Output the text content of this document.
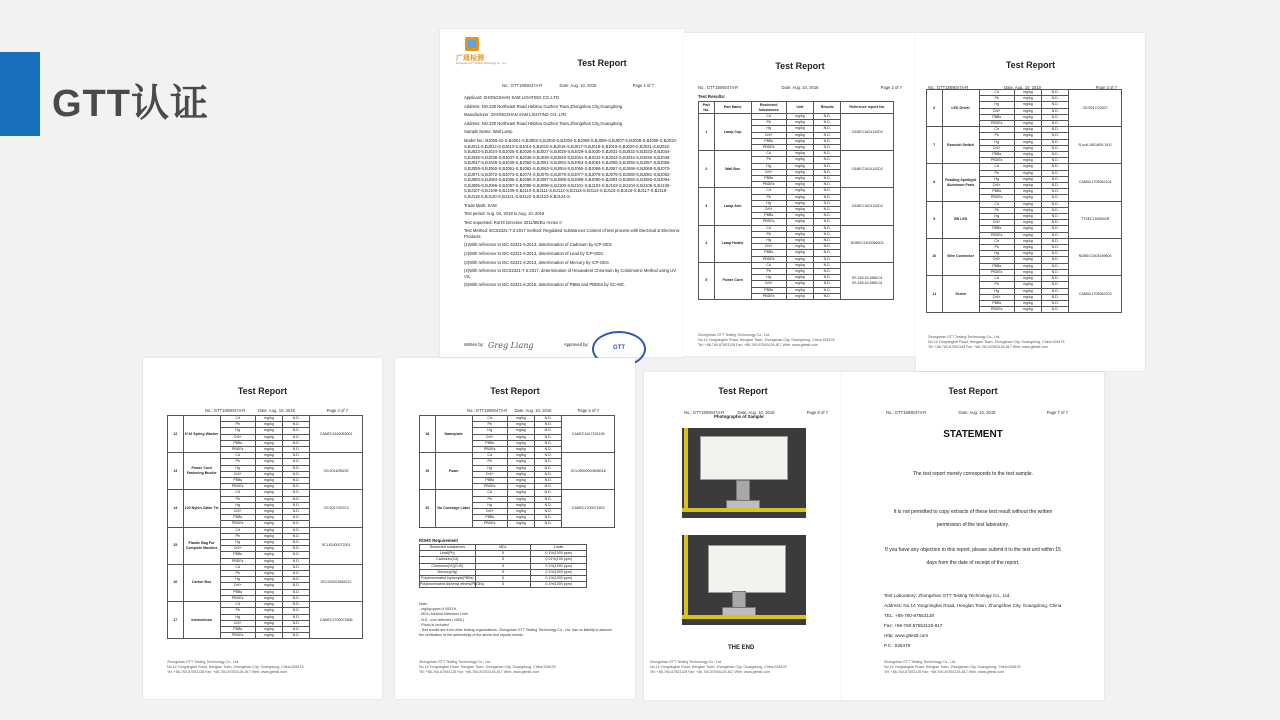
GTT认证
广通检测
Zhongshan GTT Testing Technology Co., Ltd.	Test Report
No.: GTT18080474-R	Date: Aug. 10, 2018	Page 1 of 7

Applicant: ZHONGSHAN SAM LIGHTING CO.,LTD

Address: NO.330 Northeast Road Hebitou Guzhen Town,Zhongshan City,Guangdong

Manufacturer: ZHONGSHAN SAM LIGHTING CO.,LTD

Address: NO.330 Northeast Road Hebitou Guzhen Town,Zhongshan City,Guangdong

Sample Name: Wall Lamp

Model No.: BJ006-22-S,BJ001-S,BJ002-S,BJ003-S,BJ004-S,BJ005-S,BJ006-S,BJ007-S,BJ008-S,BJ009-S,BJ010-S,BJ011-S,BJ012-S,BJ013-S,BJ014-S,BJ015-S,BJ016-S,BJ017-S,BJ018-S,BJ019-S,BJ020-S,BJ021-S,BJ022-S,BJ023-S,BJ024-S,BJ025-S,BJ026-S,BJ027-S,BJ028-S,BJ029-S,BJ030-S,BJ031-S,BJ032-S,BJ033-S,BJ034-S,BJ035-S,BJ036-S,BJ037-S,BJ038-S,BJ039-S,BJ040-S,BJ041-S,BJ042-S,BJ043-S,BJ044-S,BJ045-S,BJ046-S,BJ047-S,BJ048-S,BJ049-S,BJ050-S,BJ051-S,BJ052-S,BJ053-S,BJ054-S,BJ055-S,BJ056-S,BJ057-S,BJ058-S,BJ059-S,BJ060-S,BJ061-S,BJ062-S,BJ063-S,BJ064-S,BJ065-S,BJ066-S,BJ067-S,BJ068-S,BJ069-S,BJ070-S,BJ071-S,BJ072-S,BJ073-S,BJ074-S,BJ075-S,BJ076-S,BJ077-S,BJ078-S,BJ079-S,BJ080-S,BJ081-S,BJ082-S,BJ083-S,BJ084-S,BJ085-S,BJ086-S,BJ087-S,BJ088-S,BJ089-S,BJ090-S,BJ091-S,BJ092-S,BJ093-S,BJ094-S,BJ095-S,BJ096-S,BJ097-S,BJ098-S,BJ099-S,BJ100-S,BJ101-S,BJ102-S,BJ103-S,BJ104-S,BJ105-S,BJ106-S,BJ107-S,BJ108-S,BJ109-S,BJ110-S,BJ111-S,BJ112-S,BJ113-S,BJ114-S,BJ115-S,BJ116-S,BJ117-S,BJ118-S,BJ119-S,BJ120-S,BJ121-S,BJ122-S,BJ123-S,BJ124-S.

Trade Mark: SAM

Test period: Aug. 04, 2018 to Aug. 10, 2018

Test requested: RoHS Directive 2011/65/EU Annex II

Test Method: IEC62321-7-2:2017 method: Regulated Substances Content of test process with Electrical & Electronic Products.

(1)With reference to IEC 62321-5:2013, determination of Cadmium by ICP-OES.

(2)With reference to IEC 62321-5:2013, determination of Lead by ICP-OES.

(3)With reference to IEC 62321-4:2013, determination of Mercury by ICP-OES.

(4)With reference to IEC62321-7-2:2017, determination of Hexavalent Chromium by Colorimetric Method using UV-Vis.

(5)With reference to IEC 62321-6:2015, determination of PBBs and PBDEs by GC-MS.

Written by: Greg Liang	Approved by:
GTT
Test Report
No.: GTT18080474-R	Date: Aug. 10, 2018	Page 2 of 7
Test Results:
Part No.	Part Name	Restricted Substances	Unit	Results	Reference report No.
1	Lamp Cup	Cd	mg/kg	N.D.	CANEC1624142D2
		Pb	mg/kg	N.D.	
		Hg	mg/kg	N.D.	
		Cr6+	mg/kg	N.D.	
		PBBs	mg/kg	N.D.	
		PBDEs	mg/kg	N.D.	
2	Wall Box	Cd	mg/kg	N.D.	CANEC1624142D2
		Pb	mg/kg	N.D.	
		Hg	mg/kg	N.D.	
		Cr6+	mg/kg	N.D.	
		PBBs	mg/kg	N.D.	
		PBDEs	mg/kg	N.D.	
3	Lamp Arm	Cd	mg/kg	N.D.	CANEC1624142D2
		Pb	mg/kg	N.D.	
		Hg	mg/kg	N.D.	
		Cr6+	mg/kg	N.D.	
		PBBs	mg/kg	N.D.	
		PBDEs	mg/kg	N.D.	
4	Lamp Holder	Cd	mg/kg	N.D.	NGBEC1402066002
		Pb	mg/kg	N.D.	
		Hg	mg/kg	N.D.	
		Cr6+	mg/kg	N.D.	
		PBBs	mg/kg	N.D.	
		PBDEs	mg/kg	N.D.	
5	Power Cord	Cd	mg/kg	N.D.	SS.165.16.2886.01 SS.165.16.2882.01
		Pb	mg/kg	N.D.	
		Hg	mg/kg	N.D.	
		Cr6+	mg/kg	N.D.	
		PBBs	mg/kg	N.D.	
		PBDEs	mg/kg	N.D.	
Zhongshan GTT Testing Technology Co., Ltd.
No.14 Yongningbei Road, Henglan Town, Zhongshan City, Guangdong, China 528478
Tel: +86-760-87553128 Fax: +86-760-87553126-817 Web: www.gttestl.com
Test Report
No.: GTT18080474-R	Date: Aug. 10, 2018	Page 3 of 7
6	LED Driver	Cd	mg/kg	N.D.	CE/2017/22827
		Pb	mg/kg	N.D.	
		Hg	mg/kg	N.D.	
		Cr6+	mg/kg	N.D.	
		PBBs	mg/kg	N.D.	
		PBDEs	mg/kg	N.D.	
7	Roundel Switch	Cd	mg/kg	N.D.	R-cc6-1801609-19-E
		Pb	mg/kg	N.D.	
		Hg	mg/kg	N.D.	
		Cr6+	mg/kg	N.D.	
		PBBs	mg/kg	N.D.	
		PBDEs	mg/kg	N.D.	
8	Reading Spotlight Aluminum Parts	Cd	mg/kg	N.D.	CANML1705962104
		Pb	mg/kg	N.D.	
		Hg	mg/kg	N.D.	
		Cr6+	mg/kg	N.D.	
		PBBs	mg/kg	N.D.	
		PBDEs	mg/kg	N.D.	
9	5W LED	Cd	mg/kg	N.D.	TTSEC1506002R
		Pb	mg/kg	N.D.	
		Hg	mg/kg	N.D.	
		Cr6+	mg/kg	N.D.	
		PBBs	mg/kg	N.D.	
		PBDEs	mg/kg	N.D.	
10	Wire Connector	Cd	mg/kg	N.D.	NGBEC1504169604
		Pb	mg/kg	N.D.	
		Hg	mg/kg	N.D.	
		Cr6+	mg/kg	N.D.	
		PBBs	mg/kg	N.D.	
		PBDEs	mg/kg	N.D.	
11	Screw	Cd	mg/kg	N.D.	CANML1705962103
		Pb	mg/kg	N.D.	
		Hg	mg/kg	N.D.	
		Cr6+	mg/kg	N.D.	
		PBBs	mg/kg	N.D.	
		PBDEs	mg/kg	N.D.	
Zhongshan GTT Testing Technology Co., Ltd.
No.14 Yongningbei Road, Henglan Town, Zhongshan City, Guangdong, China 528478
Tel: +86-760-87553128 Fax: +86-760-87553126-817 Web: www.gttestl.com
Test Report
No.: GTT18080474-R	Date: Aug. 10, 2018	Page 4 of 7
12	6*16 Spring Washer	Cd	mg/kg	N.D.	CANEC1616063001
		Pb	mg/kg	N.D.	
		Hg	mg/kg	N.D.	
		Cr6+	mg/kg	N.D.	
		PBBs	mg/kg	N.D.	
		PBDEs	mg/kg	N.D.	
13	Power Cord Fastening Buckle	Cd	mg/kg	N.D.	CE/2016/55232
		Pb	mg/kg	N.D.	
		Hg	mg/kg	N.D.	
		Cr6+	mg/kg	N.D.	
		PBBs	mg/kg	N.D.	
		PBDEs	mg/kg	N.D.	
14	120 Nylon Cable Tie	Cd	mg/kg	N.D.	CE/2017/53374
		Pb	mg/kg	N.D.	
		Hg	mg/kg	N.D.	
		Cr6+	mg/kg	N.D.	
		PBBs	mg/kg	N.D.	
		PBDEs	mg/kg	N.D.	
15	Plastic Bag For Complete Machine	Cd	mg/kg	N.D.	SCL53J00272301
		Pb	mg/kg	N.D.	
		Hg	mg/kg	N.D.	
		Cr6+	mg/kg	N.D.	
		PBBs	mg/kg	N.D.	
		PBDEs	mg/kg	N.D.	
16	Carton Box	Cd	mg/kg	N.D.	SCL53J00166001C
		Pb	mg/kg	N.D.	
		Hg	mg/kg	N.D.	
		Cr6+	mg/kg	N.D.	
		PBBs	mg/kg	N.D.	
		PBDEs	mg/kg	N.D.	
17	Instructions	Cd	mg/kg	N.D.	CANEC1700071806
		Pb	mg/kg	N.D.	
		Hg	mg/kg	N.D.	
		Cr6+	mg/kg	N.D.	
		PBBs	mg/kg	N.D.	
		PBDEs	mg/kg	N.D.	
Zhongshan GTT Testing Technology Co., Ltd.
No.14 Yongningbei Road, Henglan Town, Zhongshan City, Guangdong, China 528478
Tel: +86-760-87553128 Fax: +86-760-87553126-817 Web: www.gttestl.com
Test Report
No.: GTT18080474-R	Date: Aug. 10, 2018	Page 5 of 7
18	Nameplate	Cd	mg/kg	N.D.	CANEC1617152106
		Pb	mg/kg	N.D.	
		Hg	mg/kg	N.D.	
		Cr6+	mg/kg	N.D.	
		PBBs	mg/kg	N.D.	
		PBDEs	mg/kg	N.D.	
19	Foam	Cd	mg/kg	N.D.	SCL05000000698018
		Pb	mg/kg	N.D.	
		Hg	mg/kg	N.D.	
		Cr6+	mg/kg	N.D.	
		PBBs	mg/kg	N.D.	
		PBDEs	mg/kg	N.D.	
20	No Coverage Label	Cd	mg/kg	N.D.	CANEC1700071603
		Pb	mg/kg	N.D.	
		Hg	mg/kg	N.D.	
		Cr6+	mg/kg	N.D.	
		PBBs	mg/kg	N.D.	
		PBDEs	mg/kg	N.D.	
ROHS Requirement
Restricted substances	MDL	Limits
Lead(Pb)	5	0.1%(1000 ppm)
Cadmium(Cd)	5	0.01%(100 ppm)
Chromium(VI)(CrVI)	5	0.1%(1000 ppm)
Mercury(Hg)	5	0.1%(1000 ppm)
Polybrominated biphenyls(PBBs)	5	0.1%(1000 ppm)
Polybrominated diphenyl ethers(PBDEs)	5	0.1%(1000 ppm)
Note:
- mg/kg=ppm=0.0001%
- MDL=Method Detection Limit
- N.D. =not detected (<MDL)
- Photo is included
- Test results are from other testing organizations, Zhongshan GTT Testing Technology Co., Ltd. has no liability to assume the verification of the authenticity of the above test reports results.
Zhongshan GTT Testing Technology Co., Ltd.
No.14 Yongningbei Road, Henglan Town, Zhongshan City, Guangdong, China 528478
Tel: +86-760-87553128 Fax: +86-760-87553126-817 Web: www.gttestl.com
Test Report
No.: GTT18080474-R	Date: Aug. 10, 2018	Page 6 of 7
Photographs of Sample:
THE END
Zhongshan GTT Testing Technology Co., Ltd.
No.14 Yongningbei Road, Henglan Town, Zhongshan City, Guangdong, China 528478
Tel: +86-760-87553128 Fax: +86-760-87553126-817 Web: www.gttestl.com
Test Report
No.: GTT18080474-R	Date: Aug. 10, 2018	Page 7 of 7
STATEMENT
The test report merely corresponds to the test sample.
It is not permitted to copy extracts of these test result without the written permission of the test laboratory.
If you have any objection to this report, please submit it to the test unit within 15 days from the date of receipt of the report.
Test Laboratory: Zhongshan GTT Testing Technology Co., Ltd.
Address: No.14 Yongningbei Road, Henglan Town, Zhongshan City, Guangdong, China
TEL: +86-760-87553128
Fax: +86-760-87553126-817
Http: www.gttestl.com
P.C.: 528478
Zhongshan GTT Testing Technology Co., Ltd.
No.14 Yongningbei Road, Henglan Town, Zhongshan City, Guangdong, China 528478
Tel: +86-760-87553128 Fax: +86-760-87553126-817 Web: www.gttestl.com
